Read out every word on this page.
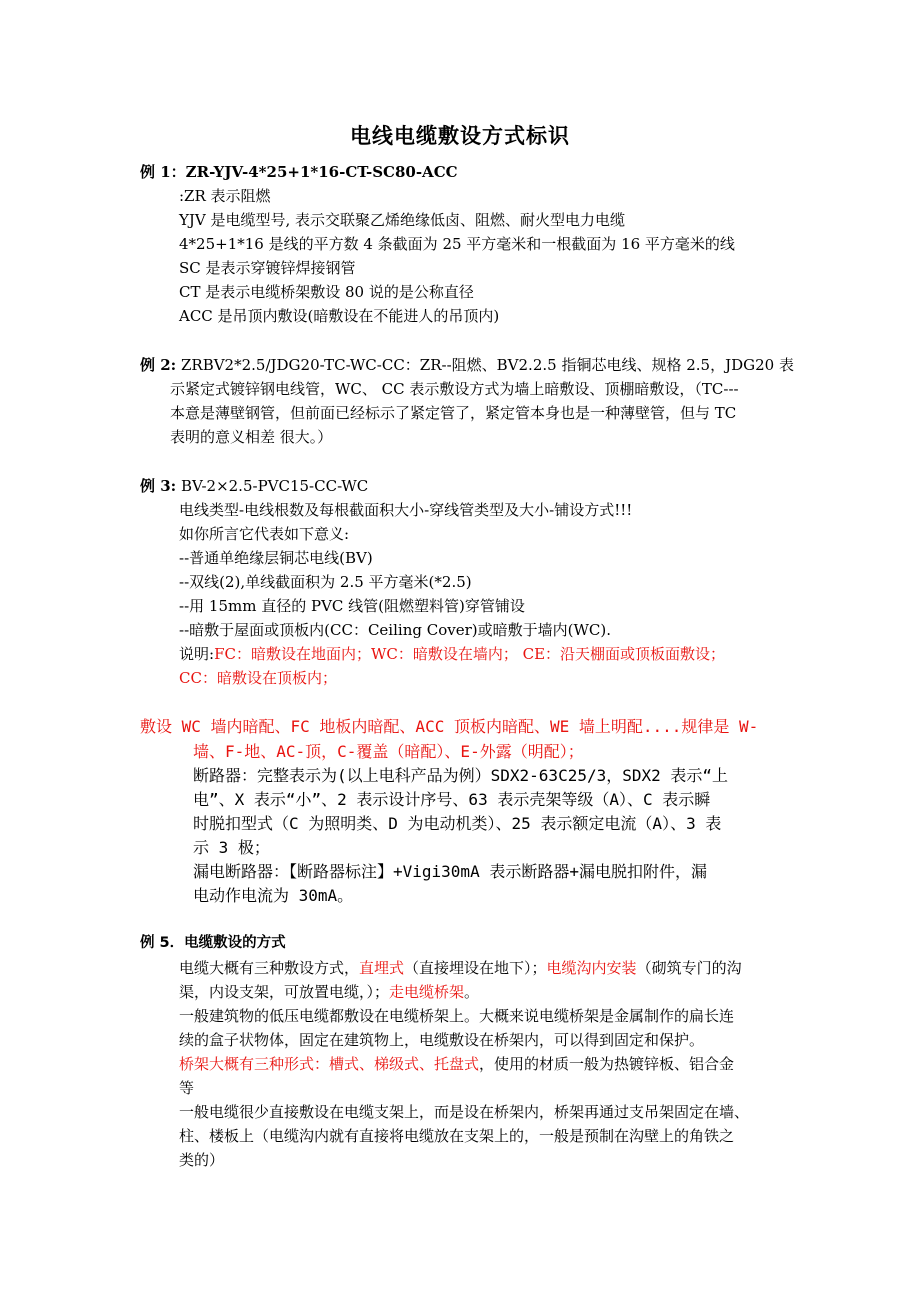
电线电缆敷设方式标识
例 1：ZR-YJV-4*25+1*16-CT-SC80-ACC
:ZR 表示阻燃
YJV 是电缆型号, 表示交联聚乙烯绝缘低卤、阻燃、耐火型电力电缆
4*25+1*16 是线的平方数 4 条截面为 25 平方毫米和一根截面为 16 平方毫米的线
SC 是表示穿镀锌焊接钢管
CT 是表示电缆桥架敷设 80 说的是公称直径
ACC 是吊顶内敷设(暗敷设在不能进人的吊顶内)
例 2: ZRBV2*2.5/JDG20-TC-WC-CC：ZR--阻燃、BV2.2.5 指铜芯电线、规格 2.5，JDG20 表
示紧定式镀锌钢电线管，WC、 CC 表示敷设方式为墙上暗敷设、顶棚暗敷设，（TC---
本意是薄壁钢管，但前面已经标示了紧定管了，紧定管本身也是一种薄壁管，但与 TC
表明的意义相差 很大。）
例 3: BV-2×2.5-PVC15-CC-WC
电线类型-电线根数及每根截面积大小-穿线管类型及大小-铺设方式!!!
如你所言它代表如下意义:
--普通单绝缘层铜芯电线(BV)
--双线(2),单线截面积为 2.5 平方毫米(*2.5)
--用 15mm 直径的 PVC 线管(阻燃塑料管)穿管铺设
--暗敷于屋面或顶板内(CC：Ceiling Cover)或暗敷于墙内(WC).
说明:FC：暗敷设在地面内；WC：暗敷设在墙内； CE：沿天棚面或顶板面敷设；
CC：暗敷设在顶板内；
敷设 WC 墙内暗配、FC 地板内暗配、ACC 顶板内暗配、WE 墙上明配....规律是 W-
墙、F-地、AC-顶，C-覆盖（暗配）、E-外露（明配）；
断路器：完整表示为(以上电科产品为例）SDX2-63C25/3，SDX2 表示“上
电”、X 表示“小”、2 表示设计序号、63 表示壳架等级（A）、C 表示瞬
时脱扣型式（C 为照明类、D 为电动机类）、25 表示额定电流（A）、3 表
示 3 极；
漏电断路器：【断路器标注】+Vigi30mA 表示断路器+漏电脱扣附件，漏
电动作电流为 30mA。
例 5．电缆敷设的方式
电缆大概有三种敷设方式，直埋式（直接埋设在地下）；电缆沟内安装（砌筑专门的沟
渠，内设支架，可放置电缆，）；走电缆桥架。
一般建筑物的低压电缆都敷设在电缆桥架上。大概来说电缆桥架是金属制作的扁长连
续的盒子状物体，固定在建筑物上，电缆敷设在桥架内，可以得到固定和保护。
桥架大概有三种形式：槽式、梯级式、托盘式，使用的材质一般为热镀锌板、铝合金
等
一般电缆很少直接敷设在电缆支架上，而是设在桥架内，桥架再通过支吊架固定在墙、
柱、楼板上（电缆沟内就有直接将电缆放在支架上的，一般是预制在沟壁上的角铁之
类的）
